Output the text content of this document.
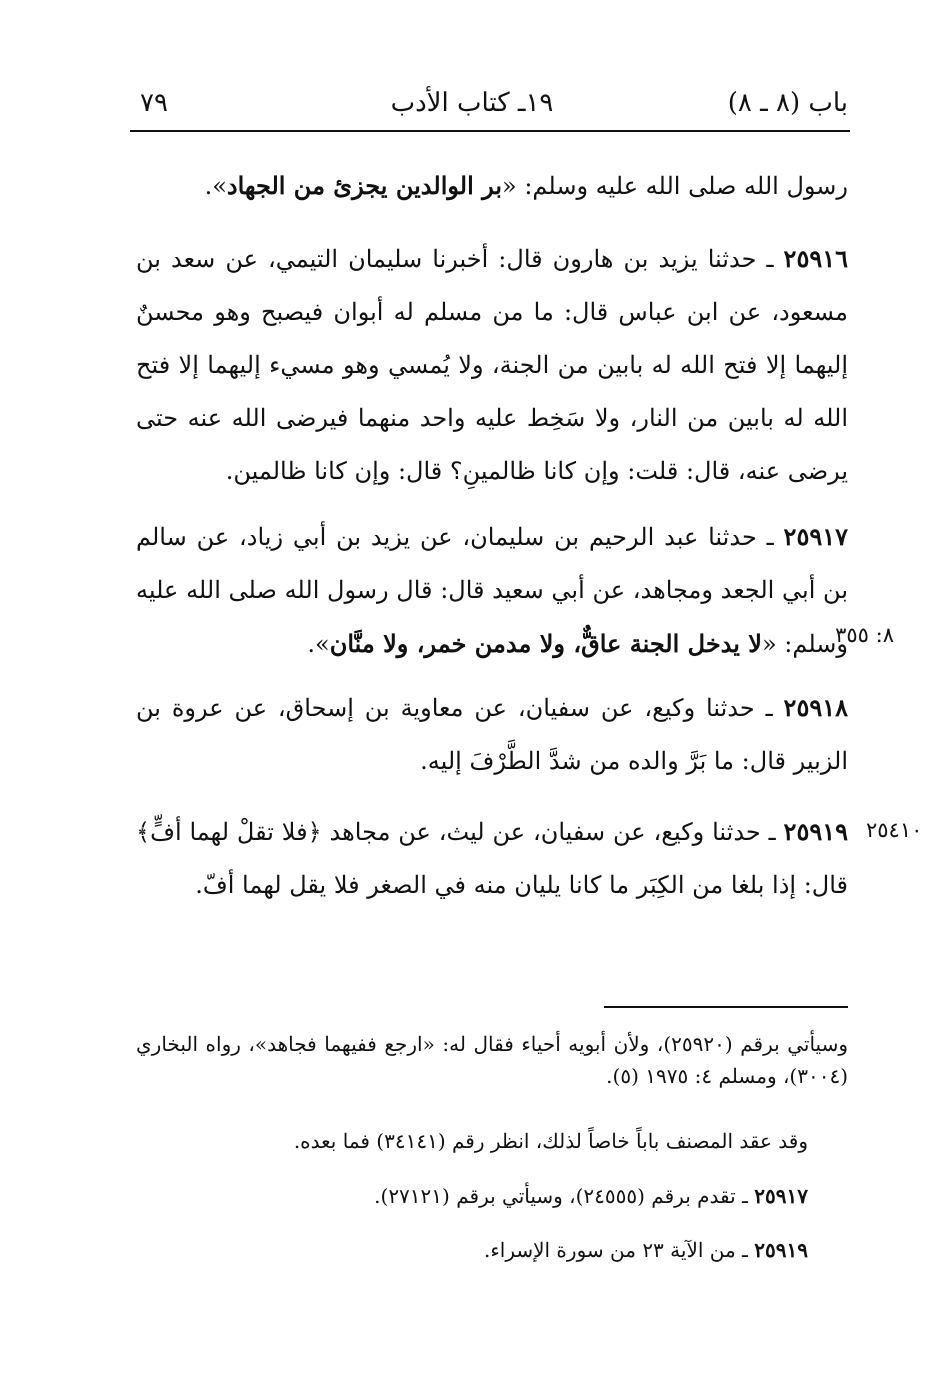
باب (٨ ـ ٨)
١٩ـ كتاب الأدب
٧٩

رسول الله صلى الله عليه وسلم: «بر الوالدين يجزئ من الجهاد».

٢٥٩١٦ ـ حدثنا يزيد بن هارون قال: أخبرنا سليمان التيمي، عن سعد بن مسعود، عن ابن عباس قال: ما من مسلم له أبوان فيصبح وهو محسنٌ إليهما إلا فتح الله له بابين من الجنة، ولا يُمسي وهو مسيء إليهما إلا فتح الله له بابين من النار، ولا سَخِط عليه واحد منهما فيرضى الله عنه حتى يرضى عنه، قال: قلت: وإن كانا ظالمينِ؟ قال: وإن كانا ظالمين.

٢٥٩١٧ ـ حدثنا عبد الرحيم بن سليمان، عن يزيد بن أبي زياد، عن سالم بن أبي الجعد ومجاهد، عن أبي سعيد قال: قال رسول الله صلى الله عليه وسلم: «لا يدخل الجنة عاقٌّ، ولا مدمن خمر، ولا منَّان».	٨: ٣٥٥

٢٥٩١٨ ـ حدثنا وكيع، عن سفيان، عن معاوية بن إسحاق، عن عروة بن الزبير قال: ما بَرَّ والده من شدَّ الطَّرْفَ إليه.

٢٥٩١٩ ـ حدثنا وكيع، عن سفيان، عن ليث، عن مجاهد ﴿فلا تقلْ لهما أفٍّ﴾ قال: إذا بلغا من الكِبَر ما كانا يليان منه في الصغر فلا يقل لهما أفّ.

٢٥٤١٠

وسيأتي برقم (٢٥٩٢٠)، ولأن أبويه أحياء فقال له: «ارجع ففيهما فجاهد»، رواه البخاري (٣٠٠٤)، ومسلم ٤: ١٩٧٥ (٥).

وقد عقد المصنف باباً خاصاً لذلك، انظر رقم (٣٤١٤١) فما بعده.

٢٥٩١٧ ـ تقدم برقم (٢٤٥٥٥)، وسيأتي برقم (٢٧١٢١).

٢٥٩١٩ ـ من الآية ٢٣ من سورة الإسراء.
